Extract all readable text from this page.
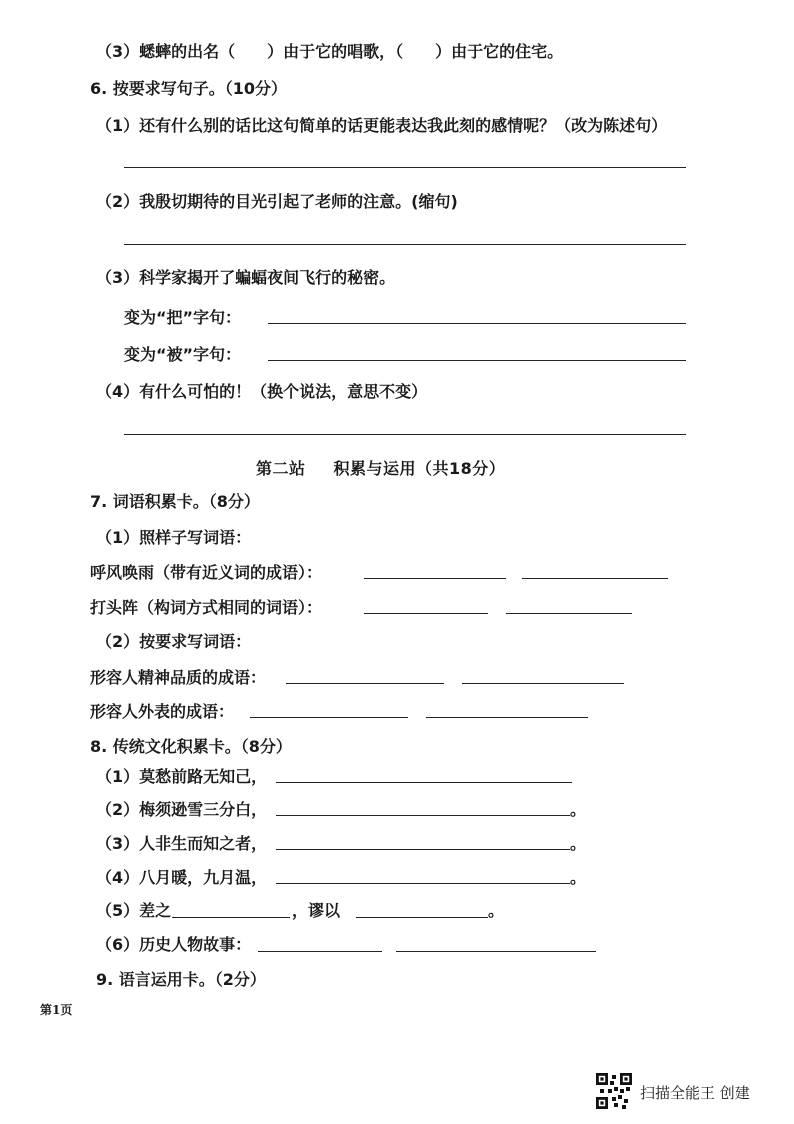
（3）蟋蟀的出名（　　）由于它的唱歌，（　　）由于它的住宅。
6. 按要求写句子。（10分）
（1）还有什么别的话比这句简单的话更能表达我此刻的感情呢？（改为陈述句）
（2）我殷切期待的目光引起了老师的注意。(缩句)
（3）科学家揭开了蝙蝠夜间飞行的秘密。
变为“把”字句：
变为“被”字句：
（4）有什么可怕的！（换个说法，意思不变）
第二站 积累与运用（共18分）
7. 词语积累卡。（8分）
（1）照样子写词语：
呼风唤雨（带有近义词的成语）：
打头阵（构词方式相同的词语）：
（2）按要求写词语：
形容人精神品质的成语：
形容人外表的成语：
8. 传统文化积累卡。（8分）
（1）莫愁前路无知己，
（2）梅须逊雪三分白，	。
（3）人非生而知之者，	。
（4）八月暖，九月温，	。
（5）差之	，谬以	。
（6）历史人物故事：
9. 语言运用卡。（2分）
第1页
扫描全能王 创建
